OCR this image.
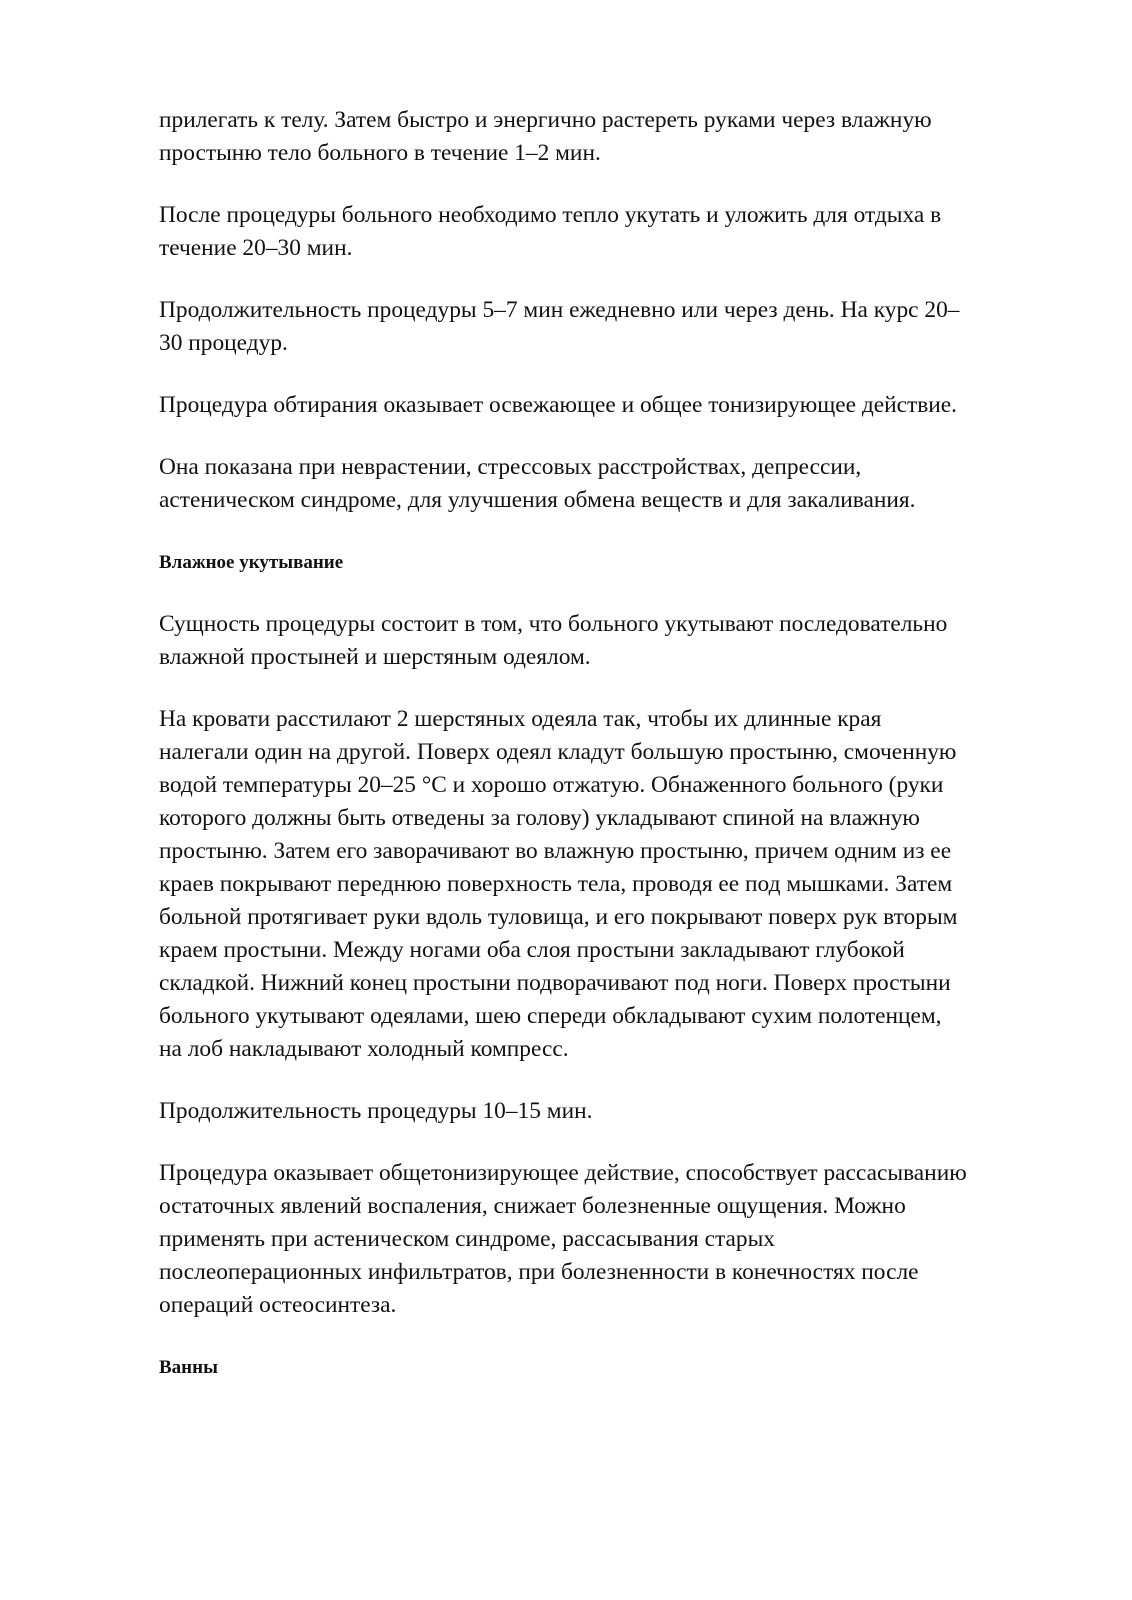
прилегать к телу. Затем быстро и энергично растереть руками через влажную
простыню тело больного в течение 1–2 мин.
После процедуры больного необходимо тепло укутать и уложить для отдыха в
течение 20–30 мин.
Продолжительность процедуры 5–7 мин ежедневно или через день. На курс 20–
30 процедур.
Процедура обтирания оказывает освежающее и общее тонизирующее действие.
Она показана при неврастении, стрессовых расстройствах, депрессии,
астеническом синдроме, для улучшения обмена веществ и для закаливания.
Влажное укутывание
Сущность процедуры состоит в том, что больного укутывают последовательно
влажной простыней и шерстяным одеялом.
На кровати расстилают 2 шерстяных одеяла так, чтобы их длинные края
налегали один на другой. Поверх одеял кладут большую простыню, смоченную
водой температуры 20–25 °C и хорошо отжатую. Обнаженного больного (руки
которого должны быть отведены за голову) укладывают спиной на влажную
простыню. Затем его заворачивают во влажную простыню, причем одним из ее
краев покрывают переднюю поверхность тела, проводя ее под мышками. Затем
больной протягивает руки вдоль туловища, и его покрывают поверх рук вторым
краем простыни. Между ногами оба слоя простыни закладывают глубокой
складкой. Нижний конец простыни подворачивают под ноги. Поверх простыни
больного укутывают одеялами, шею спереди обкладывают сухим полотенцем,
на лоб накладывают холодный компресс.
Продолжительность процедуры 10–15 мин.
Процедура оказывает общетонизирующее действие, способствует рассасыванию
остаточных явлений воспаления, снижает болезненные ощущения. Можно
применять при астеническом синдроме, рассасывания старых
послеоперационных инфильтратов, при болезненности в конечностях после
операций остеосинтеза.
Ванны
